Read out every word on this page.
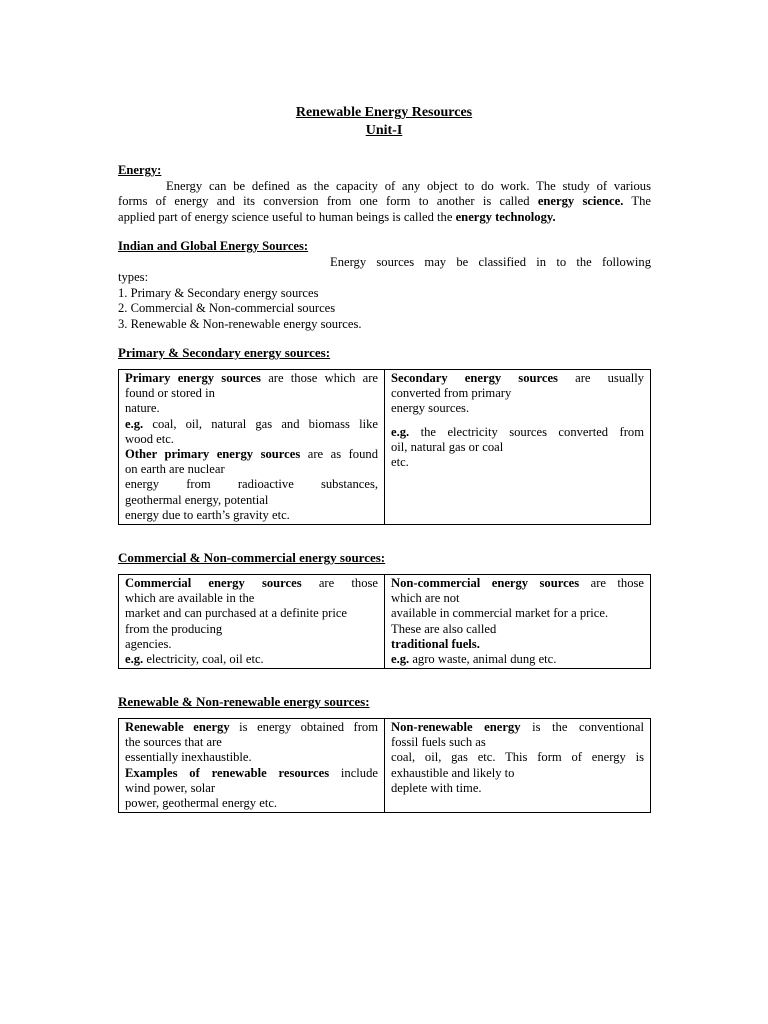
Renewable Energy Resources
Unit-I
Energy:
Energy can be defined as the capacity of any object to do work. The study of various
forms of energy and its conversion from one form to another is called energy science. The
applied part of energy science useful to human beings is called the energy technology.
Indian and Global Energy Sources:
Energy sources may be classified in to the following
types:
1. Primary & Secondary energy sources
2. Commercial & Non-commercial sources
3. Renewable & Non-renewable energy sources.
Primary & Secondary energy sources:
Primary energy sources are those which are
found or stored in
nature.
e.g. coal, oil, natural gas and biomass like
wood etc.
Other primary energy sources are as found
on earth are nuclear
energy from radioactive substances,
geothermal energy, potential
energy due to earth’s gravity etc.

Secondary energy sources are usually
converted from primary
energy sources.
e.g. the electricity sources converted from
oil, natural gas or coal
etc.
Commercial & Non-commercial energy sources:
Commercial energy sources are those
which are available in the
market and can purchased at a definite price
from the producing
agencies.
e.g. electricity, coal, oil etc.

Non-commercial energy sources are those
which are not
available in commercial market for a price.
These are also called
traditional fuels.
e.g. agro waste, animal dung etc.
Renewable & Non-renewable energy sources:
Renewable energy is energy obtained from
the sources that are
essentially inexhaustible.
Examples of renewable resources include
wind power, solar
power, geothermal energy etc.

Non-renewable energy is the conventional
fossil fuels such as
coal, oil, gas etc. This form of energy is
exhaustible and likely to
deplete with time.
